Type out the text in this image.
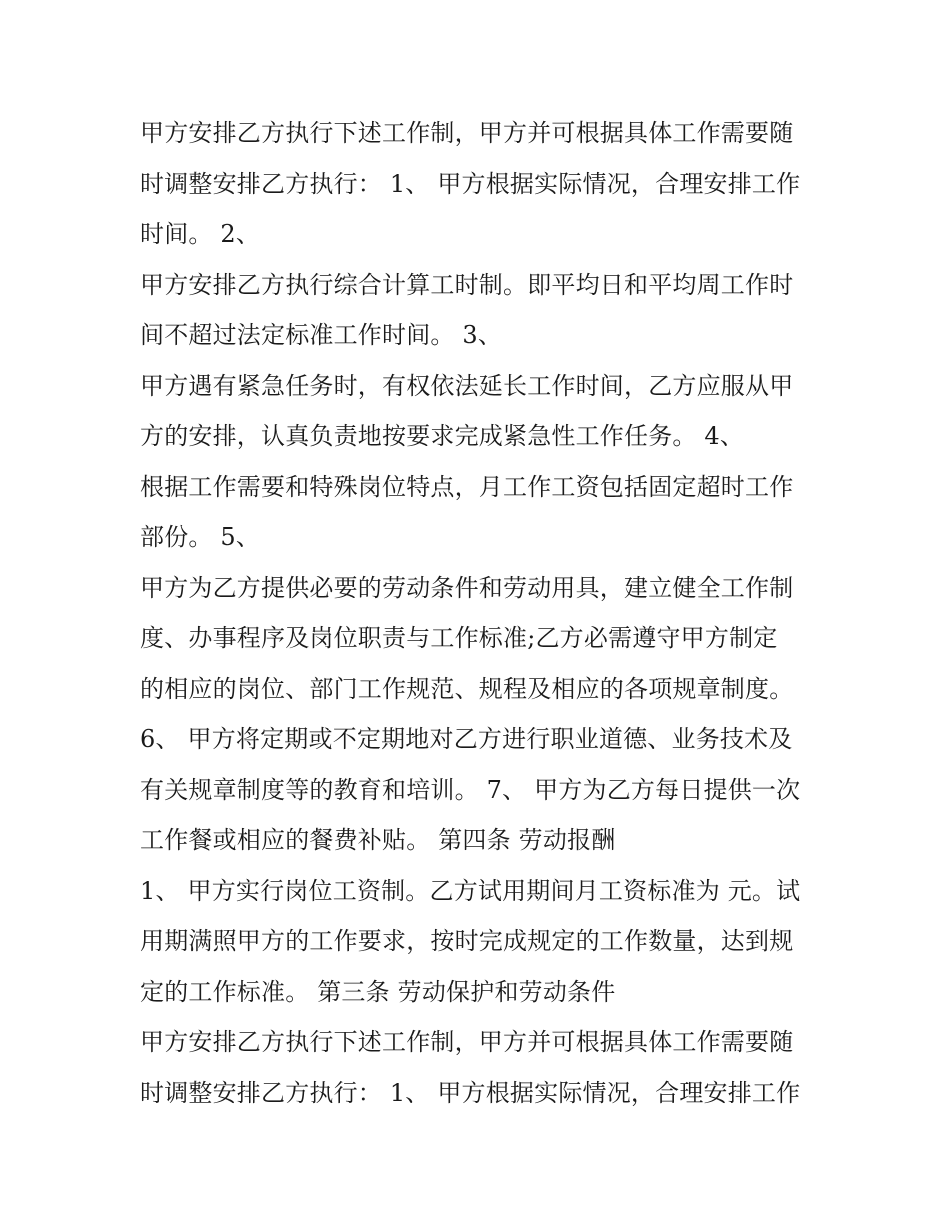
甲方安排乙方执行下述工作制，甲方并可根据具体工作需要随
时调整安排乙方执行： 1、 甲方根据实际情况，合理安排工作
时间。 2、
甲方安排乙方执行综合计算工时制。即平均日和平均周工作时
间不超过法定标准工作时间。 3、
甲方遇有紧急任务时，有权依法延长工作时间，乙方应服从甲
方的安排，认真负责地按要求完成紧急性工作任务。 4、
根据工作需要和特殊岗位特点，月工作工资包括固定超时工作
部份。 5、
甲方为乙方提供必要的劳动条件和劳动用具，建立健全工作制
度、办事程序及岗位职责与工作标准;乙方必需遵守甲方制定
的相应的岗位、部门工作规范、规程及相应的各项规章制度。
6、 甲方将定期或不定期地对乙方进行职业道德、业务技术及
有关规章制度等的教育和培训。 7、 甲方为乙方每日提供一次
工作餐或相应的餐费补贴。 第四条 劳动报酬
1、 甲方实行岗位工资制。乙方试用期间月工资标准为 元。试
用期满照甲方的工作要求，按时完成规定的工作数量，达到规
定的工作标准。 第三条 劳动保护和劳动条件
甲方安排乙方执行下述工作制，甲方并可根据具体工作需要随
时调整安排乙方执行： 1、 甲方根据实际情况，合理安排工作
